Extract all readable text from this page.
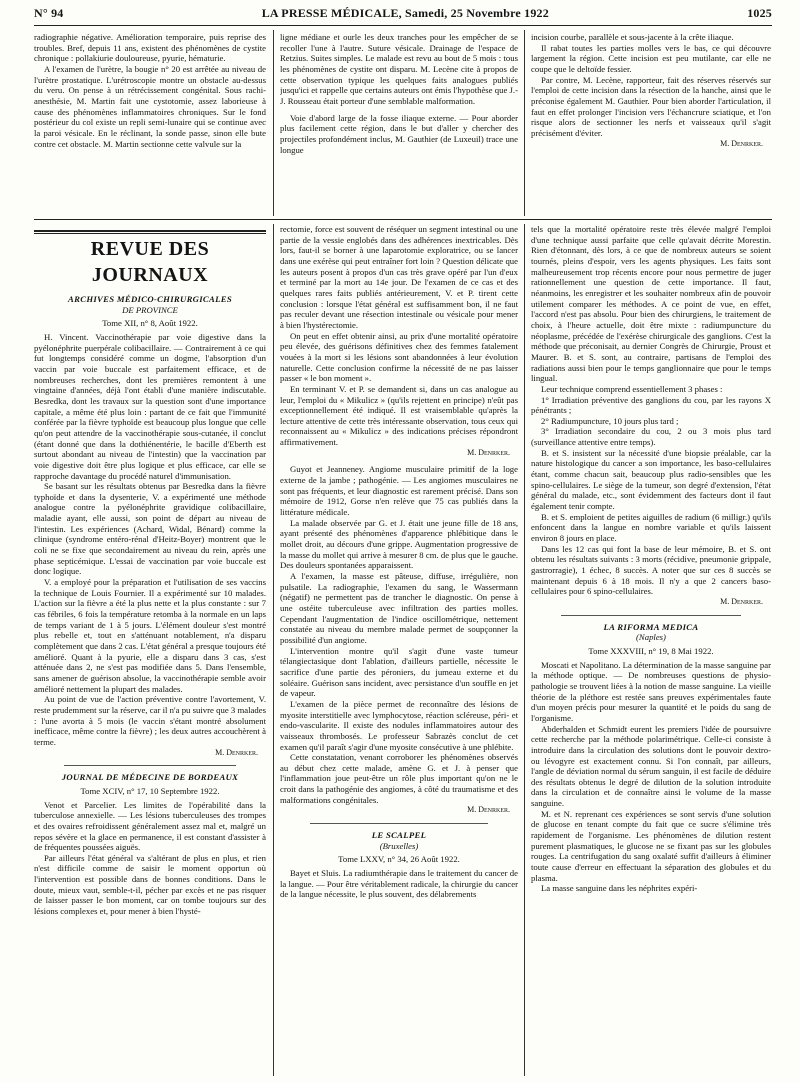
N° 94	LA PRESSE MÉDICALE, Samedi, 25 Novembre 1922	1025

radiographie négative. Amélioration temporaire, puis reprise des troubles. Bref, depuis 11 ans, existent des phénomènes de cystite chronique : pollakiurie douloureuse, pyurie, hématurie.

A l'examen de l'urètre, la bougie n° 20 est arrêtée au niveau de l'urètre prostatique. L'urétroscopie montre un obstacle au-dessus du veru. On pense à un rétrécissement congénital. Sous rachi-anesthésie, M. Martin fait une cystotomie, assez laborieuse à cause des phénomènes inflammatoires chroniques. Sur le fond postérieur du col existe un repli semi-lunaire qui se continue avec la paroi vésicale. En le réclinant, la sonde passe, sinon elle bute contre cet obstacle. M. Martin sectionne cette valvule sur la

ligne médiane et ourle les deux tranches pour les empêcher de se recoller l'une à l'autre. Suture vésicale. Drainage de l'espace de Retzius. Suites simples. Le malade est revu au bout de 5 mois : tous les phénomènes de cystite ont disparu. M. Lecène cite à propos de cette observation typique les quelques faits analogues publiés jusqu'ici et rappelle que certains auteurs ont émis l'hypothèse que J.-J. Rousseau était porteur d'une semblable malformation.

Voie d'abord large de la fosse iliaque externe. — Pour aborder plus facilement cette région, dans le but d'aller y chercher des projectiles profondément inclus, M. Gauthier (de Luxeuil) trace une longue

incision courbe, parallèle et sous-jacente à la crête iliaque.

Il rabat toutes les parties molles vers le bas, ce qui découvre largement la région. Cette incision est peu mutilante, car elle ne coupe que le deltoïde fessier.

Par contre, M. Lecène, rapporteur, fait des réserves réservés sur l'emploi de cette incision dans la résection de la hanche, ainsi que le préconise également M. Gauthier. Pour bien aborder l'articulation, il faut en effet prolonger l'incision vers l'échancrure sciatique, et l'on risque alors de sectionner les nerfs et vaisseaux qu'il s'agit précisément d'éviter.

M. Denrker.
REVUE DES JOURNAUX
ARCHIVES MÉDICO-CHIRURGICALES
DE PROVINCE
Tome XII, n° 8, Août 1922.

H. Vincent. Vaccinothérapie par voie digestive dans la pyélonéphrite puerpérale colibacillaire. — Contrairement à ce qui fut longtemps considéré comme un dogme, l'absorption d'un vaccin par voie buccale est parfaitement efficace, et de nombreuses recherches, dont les premières remontent à une vingtaine d'années, déjà l'ont établi d'une manière indiscutable. Besredka, dont les travaux sur la question sont d'une importance capitale, a même été plus loin : partant de ce fait que l'immunité conférée par la fièvre typhoïde est beaucoup plus longue que celle qu'on peut attendre de la vaccinothérapie sous-cutanée, il conclut (étant donné que dans la dothiénentérie, le bacille d'Eberth est surtout abondant au niveau de l'intestin) que la vaccination par voie digestive doit être plus logique et plus efficace, car elle se rapproche davantage du procédé naturel d'immunisation.

Se basant sur les résultats obtenus par Besredka dans la fièvre typhoïde et dans la dysenterie, V. a expérimenté une méthode analogue contre la pyélonéphrite gravidique colibacillaire, maladie ayant, elle aussi, son point de départ au niveau de l'intestin. Les expériences (Achard, Widal, Bénard) comme la clinique (syndrome entéro-rénal d'Heitz-Boyer) montrent que le coli ne se fixe que secondairement au niveau du rein, après une phase septicémique. L'essai de vaccination par voie buccale est donc logique.

V. a employé pour la préparation et l'utilisation de ses vaccins la technique de Louis Fournier. Il a expérimenté sur 10 malades. L'action sur la fièvre a été la plus nette et la plus constante : sur 7 cas fébriles, 6 fois la température retomba à la normale en un laps de temps variant de 1 à 5 jours. L'élément douleur s'est montré plus rebelle et, tout en s'atténuant notablement, n'a disparu complètement que dans 2 cas. L'état général a presque toujours été amélioré. Quant à la pyurie, elle a disparu dans 3 cas, s'est atténuée dans 2, ne s'est pas modifiée dans 5. Dans l'ensemble, sans amener de guérison absolue, la vaccinothérapie semble avoir amélioré nettement la plupart des malades.

Au point de vue de l'action préventive contre l'avortement, V. reste prudemment sur la réserve, car il n'a pu suivre que 3 malades : l'une avorta à 5 mois (le vaccin s'étant montré absolument inefficace, même contre la fièvre) ; les deux autres accouchèrent à terme.

M. Denrker.
JOURNAL DE MÉDECINE DE BORDEAUX
Tome XCIV, n° 17, 10 Septembre 1922.

Venot et Parcelier. Les limites de l'opérabilité dans la tuberculose annexielle. — Les lésions tuberculeuses des trompes et des ovaires refroidissent généralement assez mal et, malgré un repos sévère et la glace en permanence, il est constant d'assister à de fréquentes poussées aiguës.

Par ailleurs l'état général va s'altérant de plus en plus, et rien n'est difficile comme de saisir le moment opportun où l'intervention est possible dans de bonnes conditions. Dans le doute, mieux vaut, semble-t-il, pécher par excès et ne pas risquer de laisser passer le bon moment, car on tombe toujours sur des lésions complexes et, pour mener à bien l'hysté-

rectomie, force est souvent de réséquer un segment intestinal ou une partie de la vessie englobés dans des adhérences inextricables. Dès lors, faut-il se borner à une laparotomie exploratrice, ou se lancer dans une exérèse qui peut entraîner fort loin ? Question délicate que les auteurs posent à propos d'un cas très grave opéré par l'un d'eux et terminé par la mort au 14e jour. De l'examen de ce cas et des quelques rares faits publiés antérieurement, V. et P. tirent cette conclusion : lorsque l'état général est suffisamment bon, il ne faut pas reculer devant une résection intestinale ou vésicale pour mener à bien l'hystérectomie.

On peut en effet obtenir ainsi, au prix d'une mortalité opératoire peu élevée, des guérisons définitives chez des femmes fatalement vouées à la mort si les lésions sont abandonnées à leur évolution naturelle. Cette conclusion confirme la nécessité de ne pas laisser passer « le bon moment ».

En terminant V. et P. se demandent si, dans un cas analogue au leur, l'emploi du « Mikulicz » (qu'ils rejettent en principe) n'eût pas exceptionnellement été indiqué. Il est vraisemblable qu'après la lecture attentive de cette très intéressante observation, tous ceux qui reconnaissent au « Mikulicz » des indications précises répondront affirmativement.

M. Denrker.

Guyot et Jeanneney. Angiome musculaire primitif de la loge externe de la jambe ; pathogénie. — Les angiomes musculaires ne sont pas fréquents, et leur diagnostic est rarement précisé. Dans son mémoire de 1912, Gorse n'en relève que 75 cas publiés dans la littérature médicale.

La malade observée par G. et J. était une jeune fille de 18 ans, ayant présenté des phénomènes d'apparence phlébitique dans le mollet droit, au décours d'une grippe. Augmentation progressive de la masse du mollet qui arrive à mesurer 8 cm. de plus que le gauche. Des douleurs spontanées apparaissent.

A l'examen, la masse est pâteuse, diffuse, irrégulière, non pulsatile. La radiographie, l'examen du sang, le Wassermann (négatif) ne permettent pas de trancher le diagnostic. On pense à une ostéite tuberculeuse avec infiltration des parties molles. Cependant l'augmentation de l'indice oscillométrique, nettement constatée au niveau du membre malade permet de soupçonner la possibilité d'un angiome.

L'intervention montre qu'il s'agit d'une vaste tumeur télangiectasique dont l'ablation, d'ailleurs partielle, nécessite le sacrifice d'une partie des péroniers, du jumeau externe et du soléaire. Guérison sans incident, avec persistance d'un souffle en jet de vapeur.

L'examen de la pièce permet de reconnaître des lésions de myosite interstitielle avec lymphocytose, réaction scléreuse, péri- et endo-vascularite. Il existe des nodules inflammatoires autour des vaisseaux thrombosés. Le professeur Sabrazès conclut de cet examen qu'il paraît s'agir d'une myosite consécutive à une phlébite.

Cette constatation, venant corroborer les phénomènes observés au début chez cette malade, amène G. et J. à penser que l'inflammation joue peut-être un rôle plus important qu'on ne le croit dans la pathogénie des angiomes, à côté du traumatisme et des malformations congénitales.

M. Denrker.
LE SCALPEL
(Bruxelles)
Tome LXXV, n° 34, 26 Août 1922.

Bayet et Sluis. La radiumthérapie dans le traitement du cancer de la langue. — Pour être véritablement radicale, la chirurgie du cancer de la langue nécessite, le plus souvent, des délabrements

tels que la mortalité opératoire reste très élevée malgré l'emploi d'une technique aussi parfaite que celle qu'avait décrite Morestin. Rien d'étonnant, dès lors, à ce que de nombreux auteurs se soient tournés, pleins d'espoir, vers les agents physiques. Les faits sont malheureusement trop récents encore pour nous permettre de juger rationnellement une question de cette importance. Il faut, néanmoins, les enregistrer et les souhaiter nombreux afin de pouvoir utilement comparer les méthodes. A ce point de vue, en effet, l'accord n'est pas absolu. Pour bien des chirurgiens, le traitement de choix, à l'heure actuelle, doit être mixte : radiumpuncture du néoplasme, précédée de l'exérèse chirurgicale des ganglions. C'est la méthode que préconisait, au dernier Congrès de Chirurgie, Proust et Maurer. B. et S. sont, au contraire, partisans de l'emploi des radiations aussi bien pour le temps ganglionnaire que pour le temps lingual.

Leur technique comprend essentiellement 3 phases :

1° Irradiation préventive des ganglions du cou, par les rayons X pénétrants ;

2° Radiumpuncture, 10 jours plus tard ;

3° Irradiation secondaire du cou, 2 ou 3 mois plus tard (surveillance attentive entre temps).

B. et S. insistent sur la nécessité d'une biopsie préalable, car la nature histologique du cancer a son importance, les baso-cellulaires étant, comme chacun sait, beaucoup plus radio-sensibles que les spino-cellulaires. Le siège de la tumeur, son degré d'extension, l'état général du malade, etc., sont évidemment des facteurs dont il faut également tenir compte.

B. et S. emploient de petites aiguilles de radium (6 milligr.) qu'ils enfoncent dans la langue en nombre variable et qu'ils laissent environ 8 jours en place.

Dans les 12 cas qui font la base de leur mémoire, B. et S. ont obtenu les résultats suivants : 3 morts (récidive, pneumonie grippale, gastrorragie), 1 échec, 8 succès. A noter que sur ces 8 succès se maintenant depuis 6 à 18 mois. Il n'y a que 2 cancers baso-cellulaires pour 6 spino-cellulaires.

M. Denrker.
LA RIFORMA MEDICA
(Naples)
Tome XXXVIII, n° 19, 8 Mai 1922.

Moscati et Napolitano. La détermination de la masse sanguine par la méthode optique. — De nombreuses questions de physio-pathologie se trouvent liées à la notion de masse sanguine. La vieille théorie de la pléthore est restée sans preuves expérimentales faute d'un moyen précis pour mesurer la quantité et le poids du sang de l'organisme.

Abderhalden et Schmidt eurent les premiers l'idée de poursuivre cette recherche par la méthode polarimétrique. Celle-ci consiste à introduire dans la circulation des solutions dont le pouvoir dextro- ou lévogyre est exactement connu. Si l'on connaît, par ailleurs, l'angle de déviation normal du sérum sanguin, il est facile de déduire des résultats obtenus le degré de dilution de la solution introduite dans la circulation et de connaître ainsi le volume de la masse sanguine.

M. et N. reprenant ces expériences se sont servis d'une solution de glucose en tenant compte du fait que ce sucre s'élimine très rapidement de l'organisme. Les phénomènes de dilution restent purement plasmatiques, le glucose ne se fixant pas sur les globules rouges. La centrifugation du sang oxalaté suffit d'ailleurs à éliminer toute cause d'erreur en effectuant la séparation des globules et du plasma.

La masse sanguine dans les néphrites expéri-
